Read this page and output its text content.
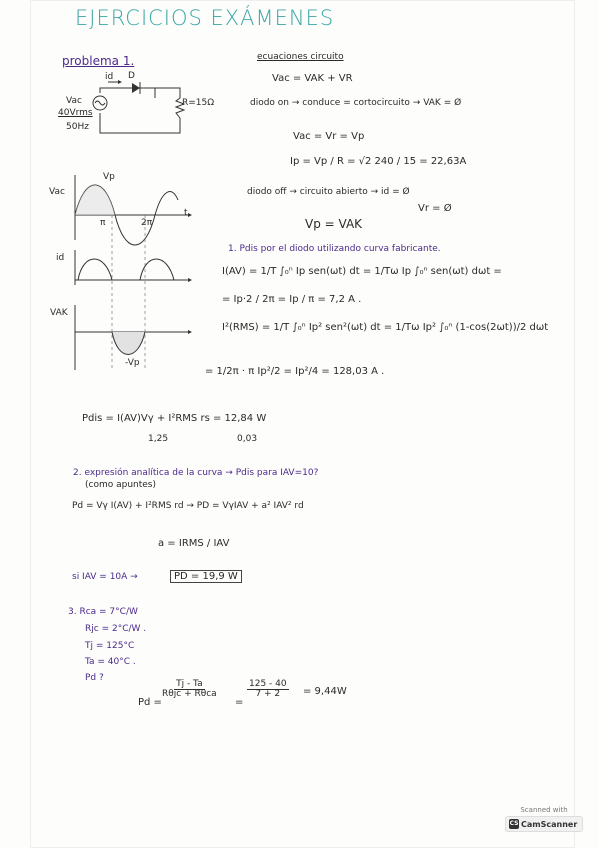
EJERCICIOS EXÁMENES
problema 1.
id D
Vac
40Vrms
50Hz
R=15Ω
Vac
Vp
π	2π
t
id
VAK
-Vp
ecuaciones circuito
Vac = VAK + VR
diodo on → conduce = cortocircuito → VAK = Ø
Vac = Vr = Vp
Ip = Vp / R = √2 240 / 15 = 22,63A
diodo off → circuito abierto → id = Ø
Vr = Ø
Vp = VAK
1. Pdis por el diodo utilizando curva fabricante.
I(AV) = 1/T ∫₀ⁿ Ip sen(ωt) dt = 1/Tω Ip ∫₀ⁿ sen(ωt) dωt =
= Ip·2 / 2π = Ip / π = 7,2 A .
I²(RMS) = 1/T ∫₀ⁿ Ip² sen²(ωt) dt = 1/Tω Ip² ∫₀ⁿ (1-cos(2ωt))/2 dωt
= 1/2π · π Ip²/2 = Ip²/4 = 128,03 A .
Pdis = I(AV)Vγ + I²RMS rs = 12,84 W
1,25	0,03
2. expresión analítica de la curva → Pdis para IAV=10?
(como apuntes)
Pd = Vγ I(AV) + I²RMS rd → PD = VγIAV + a² IAV² rd
a = IRMS / IAV
si IAV = 10A →	PD = 19,9 W
3. Rca = 7°C/W
Rjc = 2°C/W .
Tj = 125°C
Ta = 40°C .
Pd ?
Pd =
$\frac{Tj - Ta}{\text{Rθjc + Rθca}}$
=
$\frac{125 - 40}{7 + 2} = 9,44W$
Scanned with
CS CamScanner
